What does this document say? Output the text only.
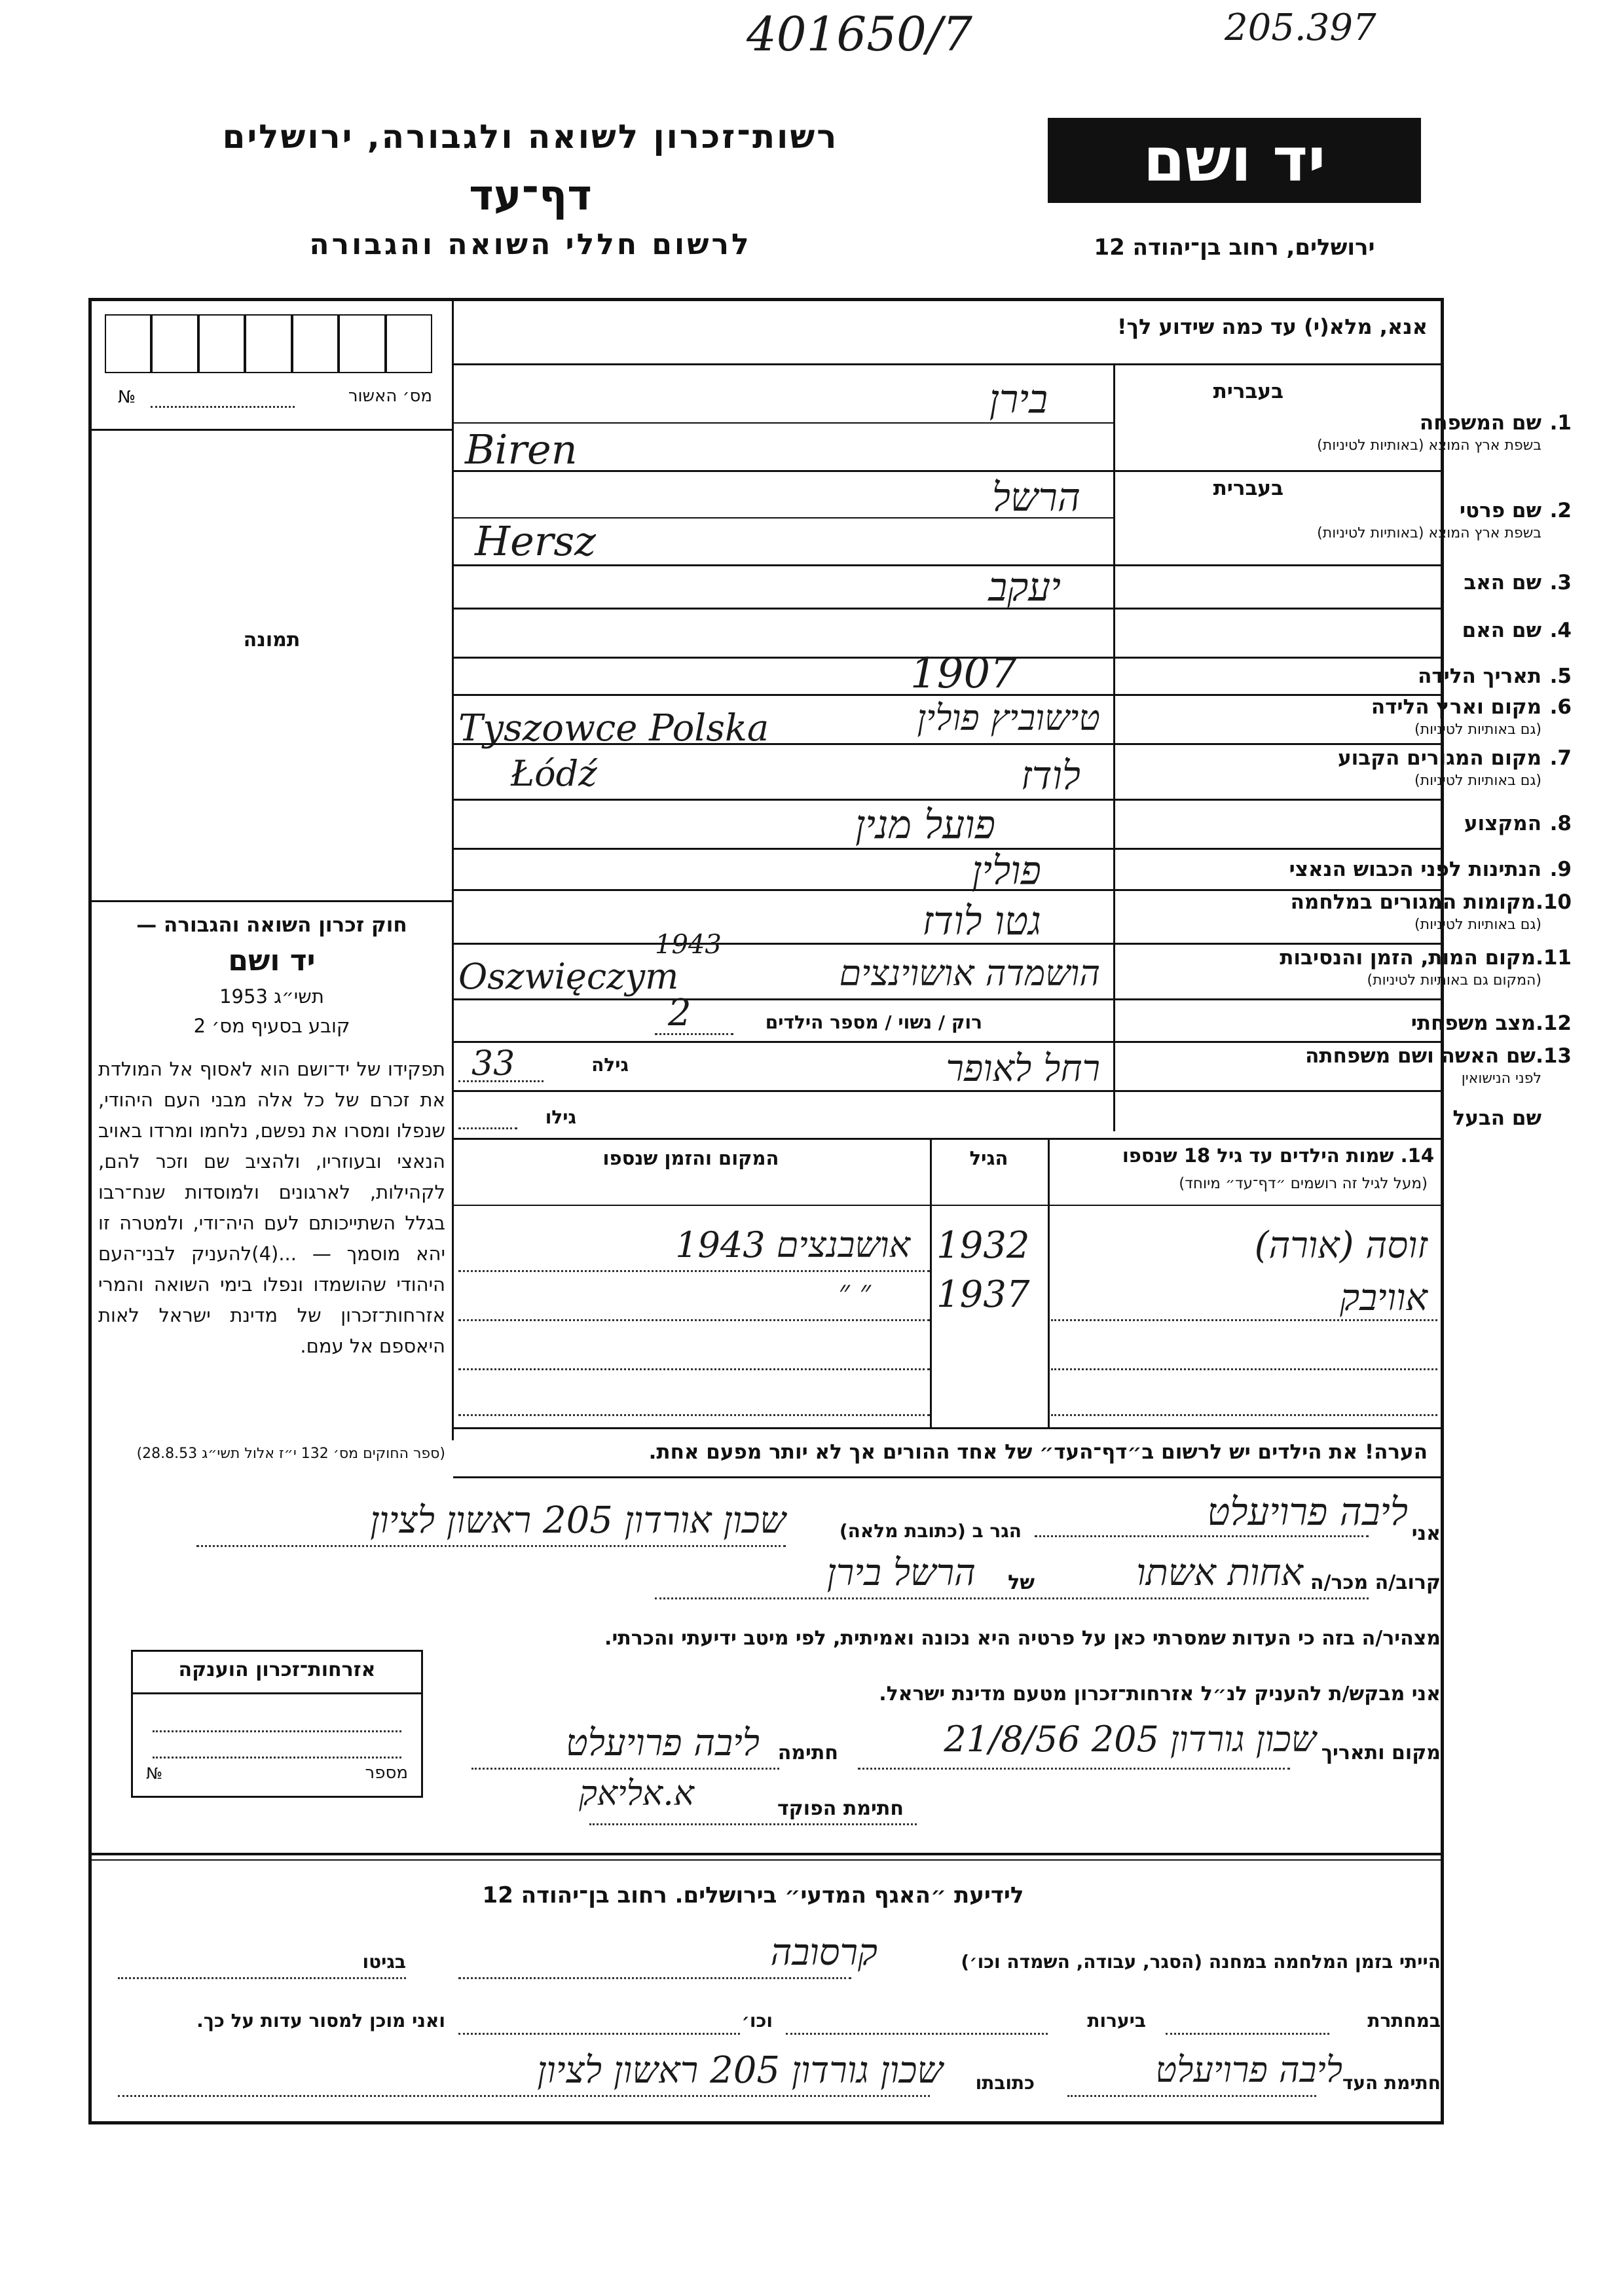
401650/7	205.397
רשות־זכרון לשואה ולגבורה, ירושלים
דף־עד
לרשום חללי השואה והגבורה
יד ושם
ירושלים, רחוב בן־יהודה 12
№	מס׳ האשור
תמונה
חוק זכרון השואה והגבורה —
יד ושם
תשי״ג 1953
קובע בסעיף מס׳ 2
תפקידו של יד־ושם הוא לאסוף אל המולדת את זכרם של כל אלה מבני העם היהודי, שנפלו ומסרו את נפשם, נלחמו ומרדו באויב הנאצי ובעוזריו, ולהציב שם וזכר להם, לקהילות, לארגונים ולמוסדות שנח־רבו בגלל השתייכותם לעם היה־ודי, ולמטרה זו יהא מוסמך — ...(4)להעניק לבני־העם היהודי שהושמדו ונפלו בימי השואה והמרי אזרחות־זכרון של מדינת ישראל לאות היאספם אל עמם.
(ספר החוקים מס׳ 132 י״ז אלול תשי״ג 28.8.53)
אנא, מלא(י) עד כמה שידוע לך!
1.שם המשפחה
בשפת ארץ המוצא (באותיות לטיניות)
בעברית
בירן
Biren
2.שם פרטי
בשפת ארץ המוצא (באותיות לטיניות)
בעברית
הרשל
Hersz
3.שם האב
יעקב
4.שם האם
5.תאריך הלידה
1907
6.מקום וארץ הלידה
(גם באותיות לטיניות)
Tyszowce Polska	טישוביץ פולין
7.מקום המגורים הקבוע
(גם באותיות לטיניות)
Łódź	לודז
8.המקצוע
פועל מנין
9.הנתינות לפני הכבוש הנאצי
פולין
10.מקומות המגורים במלחמה
(גם באותיות לטיניות)
גטו לודז
11.מקום המות, הזמן והנסיבות
(המקום גם באותיות לטיניות)
1943
Oszwięczym	הושמדה אושוינצים
12.מצב משפחתי
רוק / נשוי / מספר הילדים
2
13.שם האשה ושם משפחתה
לפני הנישואין
33	גילה	רחל לאופר
שם הבעל
גילו
14. שמות הילדים עד גיל 18 שנספו
(מעל לגיל זה רושמים ״דף־עד״ מיוחד)
הגיל
המקום והזמן שנספו
זוסה (אורה)
1932
אושבנצים 1943
אוויבק
1937
״ ״
הערה! את הילדים יש לרשום ב״דף־העד״ של אחד ההורים אך לא יותר מפעם אחת.
אזרחות־זכרון הוענקה
№	מספר
אני
ליבה פרויעלט
הגר ב (כתובת מלאה)
שכון אורדון 205 ראשון לציון
קרוב/ה מכר/ה
אחות אשתו
של
הרשל בירן
מצהיר/ה בזה כי העדות שמסרתי כאן על פרטיה היא נכונה ואמיתית, לפי מיטב ידיעתי והכרתי.
אני מבקש/ת להעניק לנ״ל אזרחות־זכרון מטעם מדינת ישראל.
מקום ותאריך
שכון גורדון 205 21/8/56
חתימה
ליבה פרויעלט
חתימת הפוקד
א.אליאק
לידיעת ״האגף המדעי״ בירושלים. רחוב בן־יהודה 12
הייתי בזמן המלחמה במחנה (הסגר, עבודה, השמדה וכו׳)
קרסובה
בגיטו
במחתרת
ביערות
וכו׳
ואני מוכן למסור עדות על כך.
חתימת העד
ליבה פרויעלט
כתובתו
שכון גורדון 205 ראשון לציון
